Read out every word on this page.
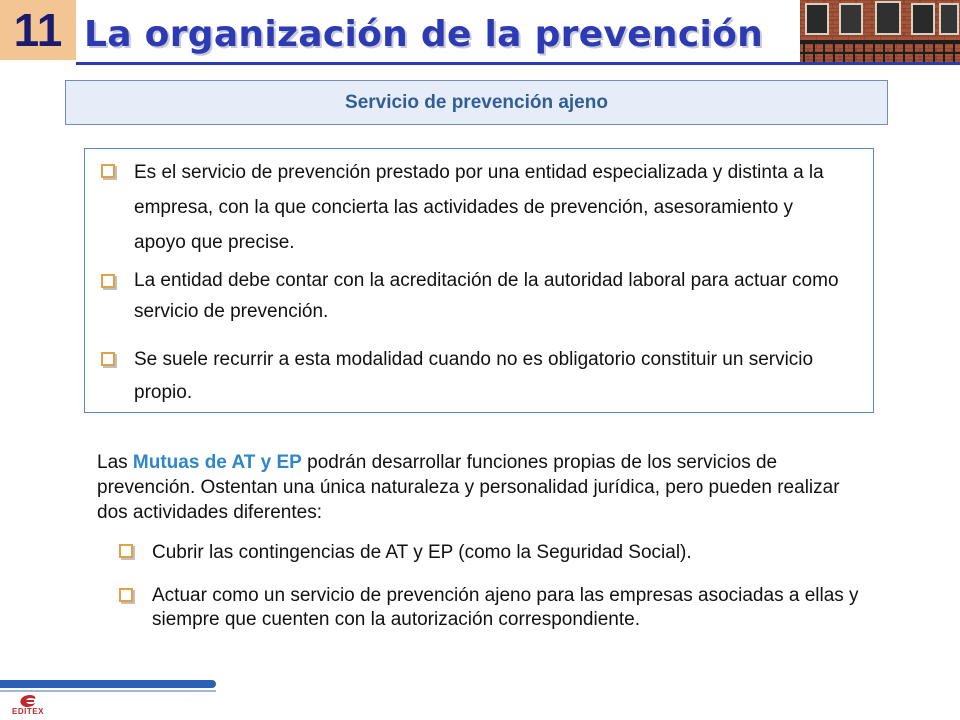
11 La organización de la prevención
Servicio de prevención ajeno
Es el servicio de prevención prestado por una entidad especializada y distinta a la empresa, con la que concierta las actividades de prevención, asesoramiento y apoyo que precise.
La entidad debe contar con la acreditación de la autoridad laboral para actuar como servicio de prevención.
Se suele recurrir a esta modalidad cuando no es obligatorio constituir un servicio propio.
Las Mutuas de AT y EP podrán desarrollar funciones propias de los servicios de prevención. Ostentan una única naturaleza y personalidad jurídica, pero pueden realizar dos actividades diferentes:
Cubrir las contingencias de AT y EP (como la Seguridad Social).
Actuar como un servicio de prevención ajeno para las empresas asociadas a ellas y siempre que cuenten con la autorización correspondiente.
EDITEX
